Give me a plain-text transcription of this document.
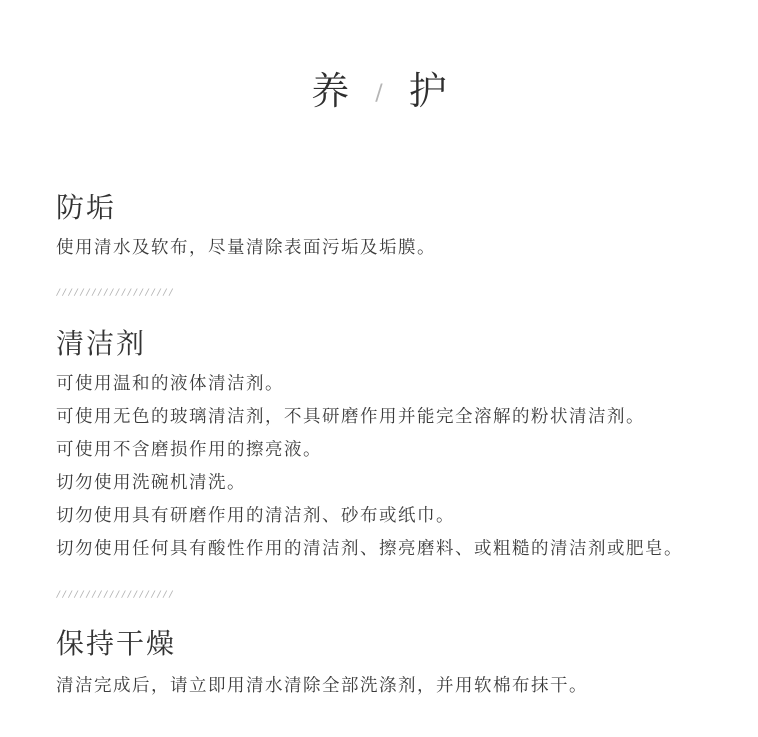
养 / 护
防垢
使用清水及软布，尽量清除表面污垢及垢膜。
////////////////////
清洁剂
可使用温和的液体清洁剂。
可使用无色的玻璃清洁剂，不具研磨作用并能完全溶解的粉状清洁剂。
可使用不含磨损作用的擦亮液。
切勿使用洗碗机清洗。
切勿使用具有研磨作用的清洁剂、砂布或纸巾。
切勿使用任何具有酸性作用的清洁剂、擦亮磨料、或粗糙的清洁剂或肥皂。
////////////////////
保持干燥
清洁完成后，请立即用清水清除全部洗涤剂，并用软棉布抹干。
